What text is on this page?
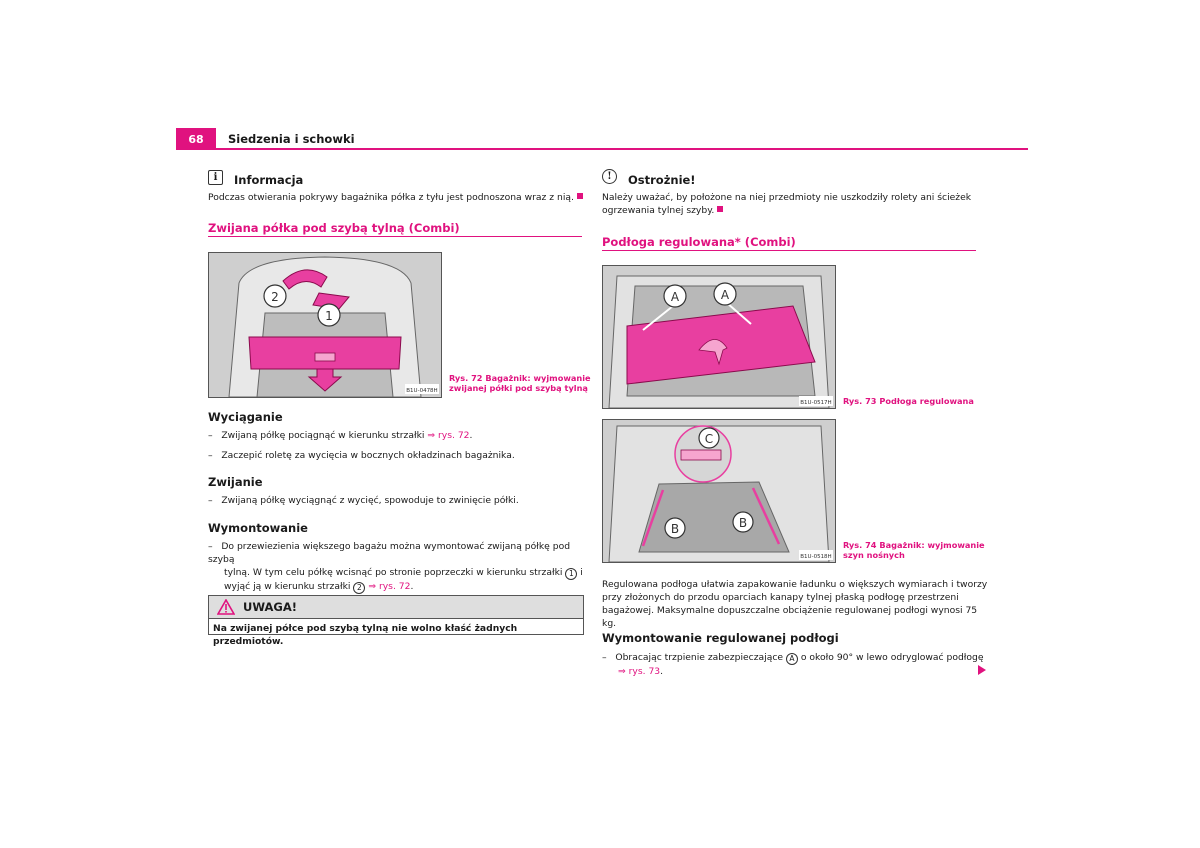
68	Siedzenia i schowki
i	Informacja
Podczas otwierania pokrywy bagażnika półka z tyłu jest podnoszona wraz z nią.
Zwijana półka pod szybą tylną (Combi)
2
1
B1U-0478H
Rys. 72 Bagażnik: wyjmowanie
zwijanej półki pod szybą tylną
Wyciąganie
–   Zwijaną półkę pociągnąć w kierunku strzałki ⇒ rys. 72.
–   Zaczepić roletę za wycięcia w bocznych okładzinach bagażnika.
Zwijanie
–   Zwijaną półkę wyciągnąć z wycięć, spowoduje to zwinięcie półki.
Wymontowanie
–   Do przewiezienia większego bagażu można wymontować zwijaną półkę pod szybą
tylną. W tym celu półkę wcisnąć po stronie poprzeczki w kierunku strzałki 1 i
wyjąć ją w kierunku strzałki 2 ⇒ rys. 72.
UWAGA!
Na zwijanej półce pod szybą tylną nie wolno kłaść żadnych przedmiotów.
!	Ostrożnie!
Należy uważać, by położone na niej przedmioty nie uszkodziły rolety ani ścieżek
ogrzewania tylnej szyby.
Podłoga regulowana* (Combi)
A	A
B1U-0517H Rys. 73 Podłoga regulowana
C
B	B
B1U-0518H
Rys. 74 Bagażnik: wyjmowanie
szyn nośnych
Regulowana podłoga ułatwia zapakowanie ładunku o większych wymiarach i tworzy
przy złożonych do przodu oparciach kanapy tylnej płaską podłogę przestrzeni
bagażowej. Maksymalne dopuszczalne obciążenie regulowanej podłogi wynosi 75 kg.
Wymontowanie regulowanej podłogi
–   Obracając trzpienie zabezpieczające A o około 90° w lewo odryglować podłogę
⇒ rys. 73.
